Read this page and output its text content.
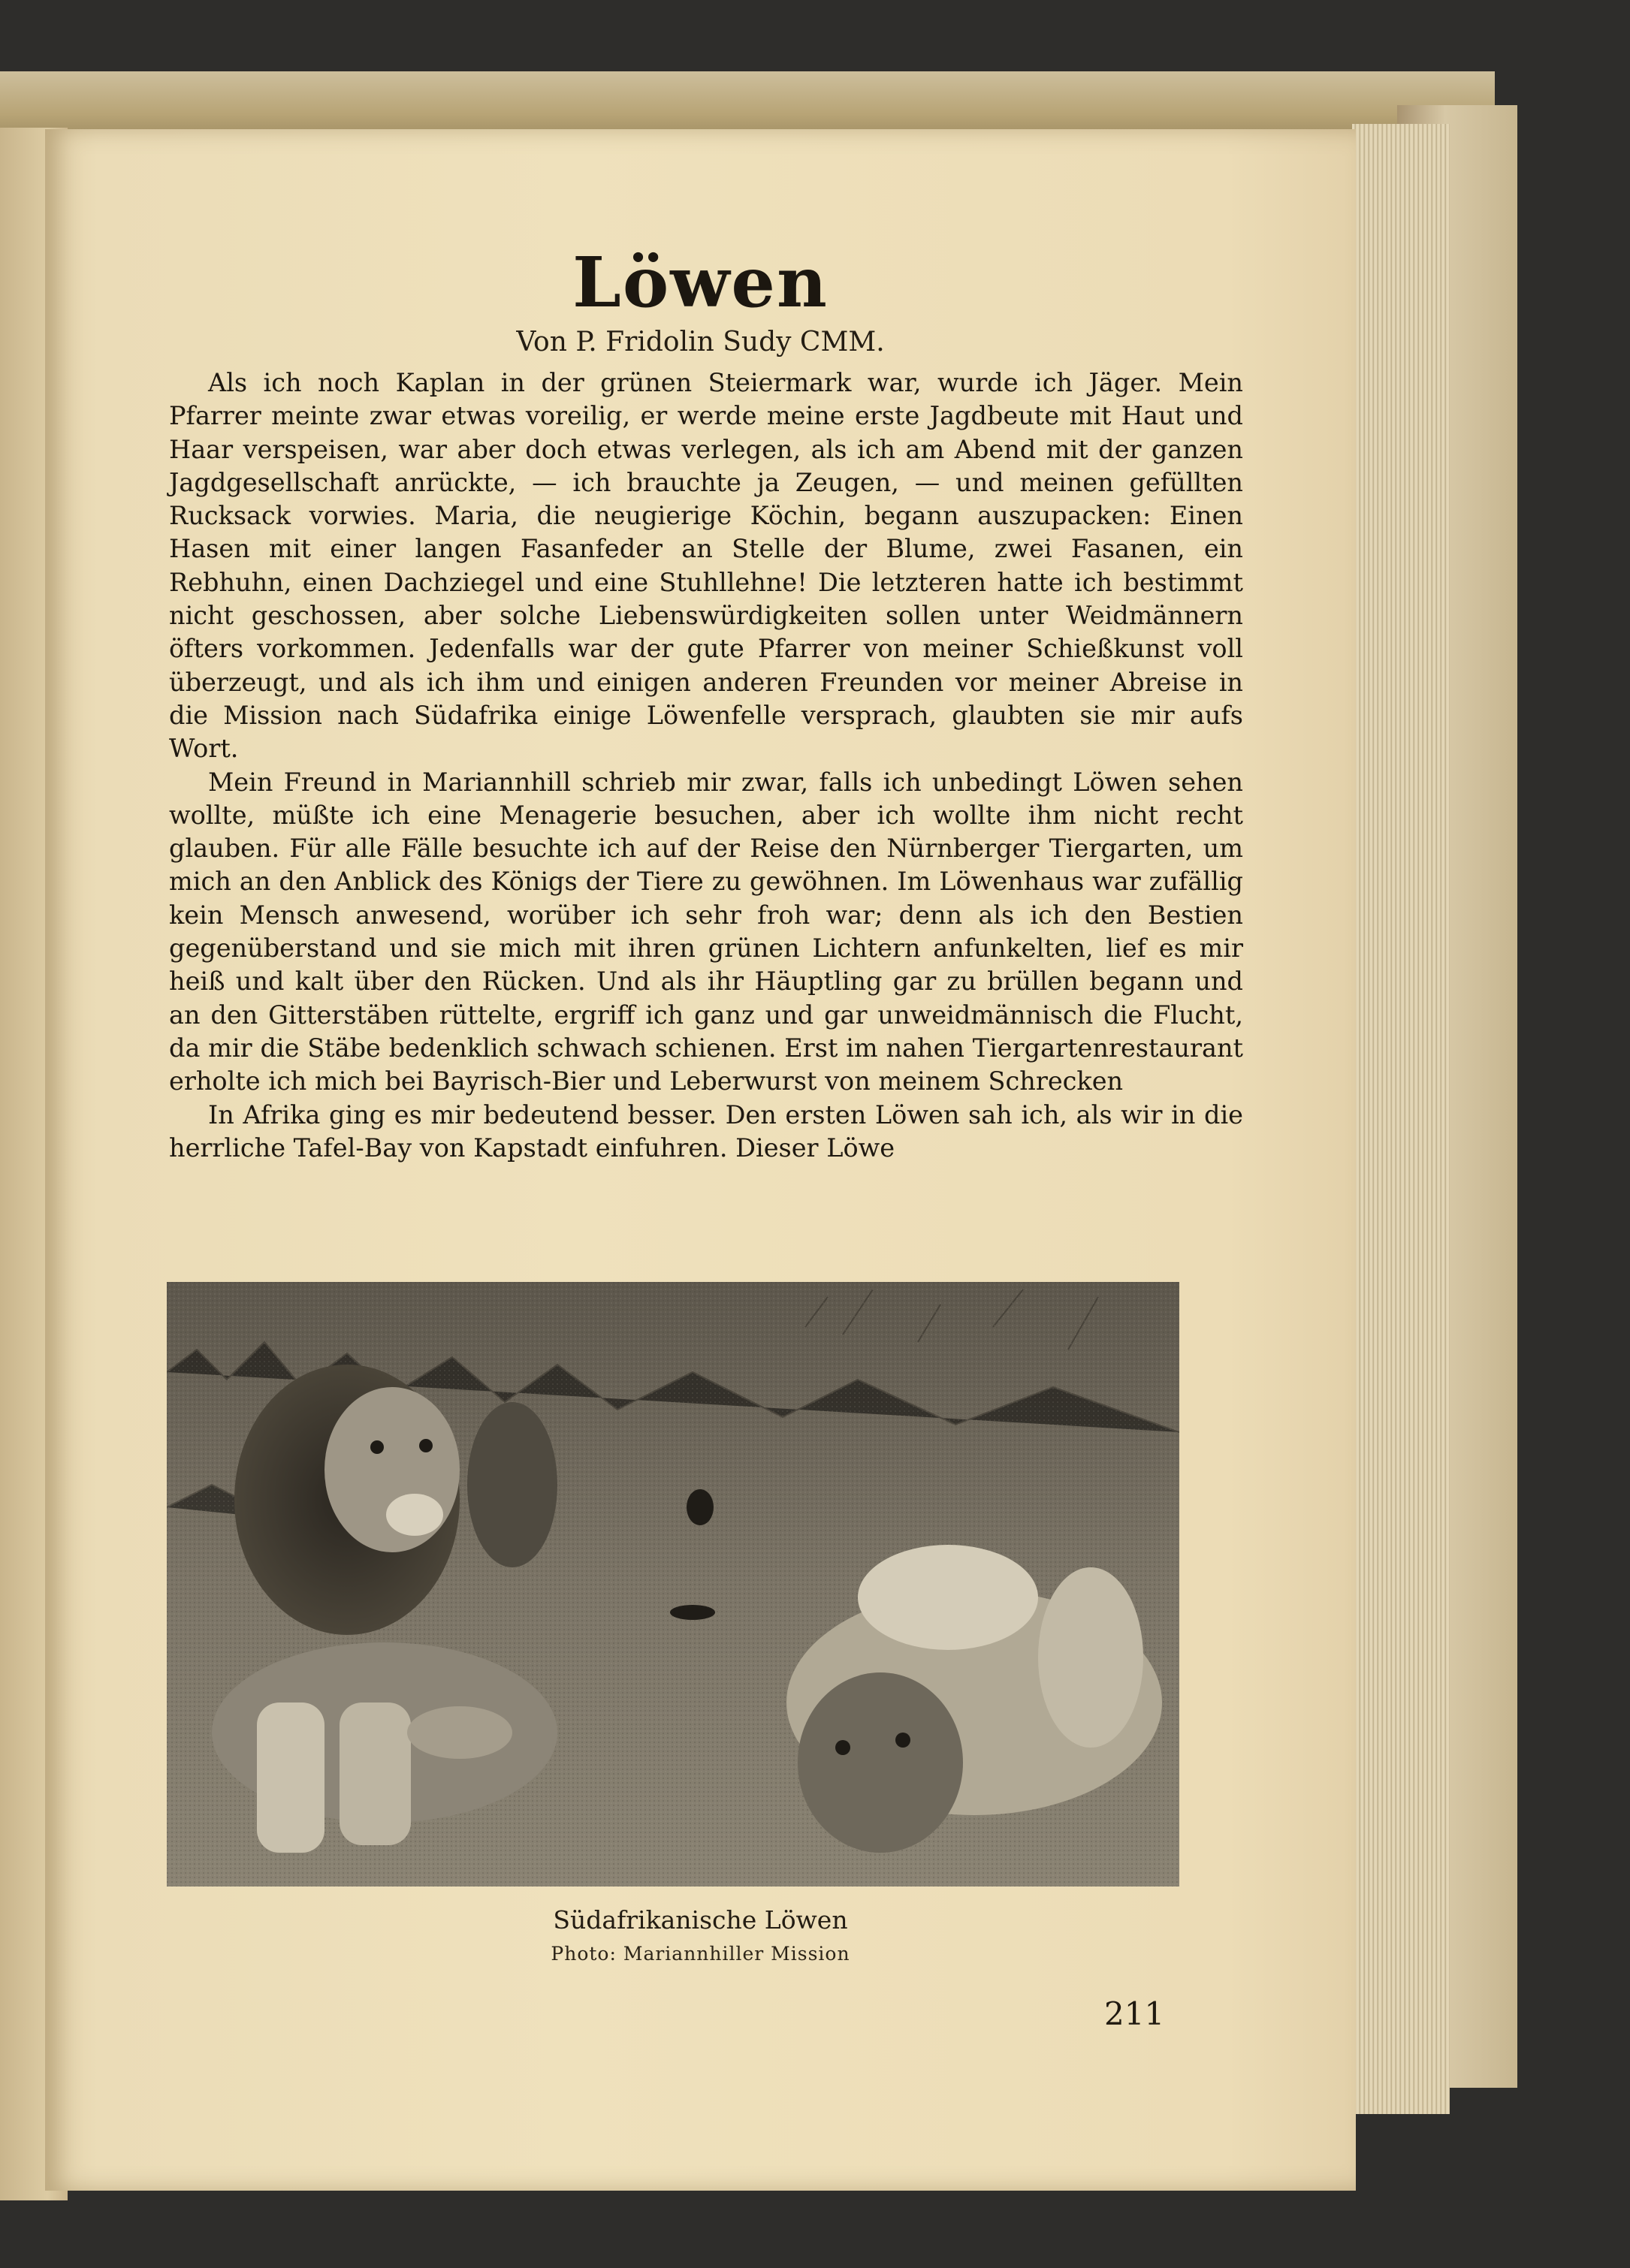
Löwen
Von P. Fridolin Sudy CMM.

Als ich noch Kaplan in der grünen Steiermark war, wurde ich Jäger. Mein Pfarrer meinte zwar etwas voreilig, er werde meine erste Jagdbeute mit Haut und Haar verspeisen, war aber doch etwas verlegen, als ich am Abend mit der ganzen Jagdgesellschaft anrückte, — ich brauchte ja Zeugen, — und meinen gefüllten Rucksack vorwies. Maria, die neugierige Köchin, begann auszupacken: Einen Hasen mit einer langen Fasanfeder an Stelle der Blume, zwei Fasanen, ein Rebhuhn, einen Dachziegel und eine Stuhllehne! Die letzteren hatte ich bestimmt nicht geschossen, aber solche Liebenswürdigkeiten sollen unter Weidmännern öfters vorkommen. Jedenfalls war der gute Pfarrer von meiner Schießkunst voll überzeugt, und als ich ihm und einigen anderen Freunden vor meiner Abreise in die Mission nach Südafrika einige Löwenfelle versprach, glaubten sie mir aufs Wort.

Mein Freund in Mariannhill schrieb mir zwar, falls ich unbedingt Löwen sehen wollte, müßte ich eine Menagerie besuchen, aber ich wollte ihm nicht recht glauben. Für alle Fälle besuchte ich auf der Reise den Nürnberger Tiergarten, um mich an den Anblick des Königs der Tiere zu gewöhnen. Im Löwenhaus war zufällig kein Mensch anwesend, worüber ich sehr froh war; denn als ich den Bestien gegenüberstand und sie mich mit ihren grünen Lichtern anfunkelten, lief es mir heiß und kalt über den Rücken. Und als ihr Häuptling gar zu brüllen begann und an den Gitterstäben rüttelte, ergriff ich ganz und gar unweidmännisch die Flucht, da mir die Stäbe bedenklich schwach schienen. Erst im nahen Tiergartenrestaurant erholte ich mich bei Bayrisch-Bier und Leberwurst von meinem Schrecken

In Afrika ging es mir bedeutend besser. Den ersten Löwen sah ich, als wir in die herrliche Tafel-Bay von Kapstadt einfuhren. Dieser Löwe

Südafrikanische Löwen
Photo: Mariannhiller Mission
211
